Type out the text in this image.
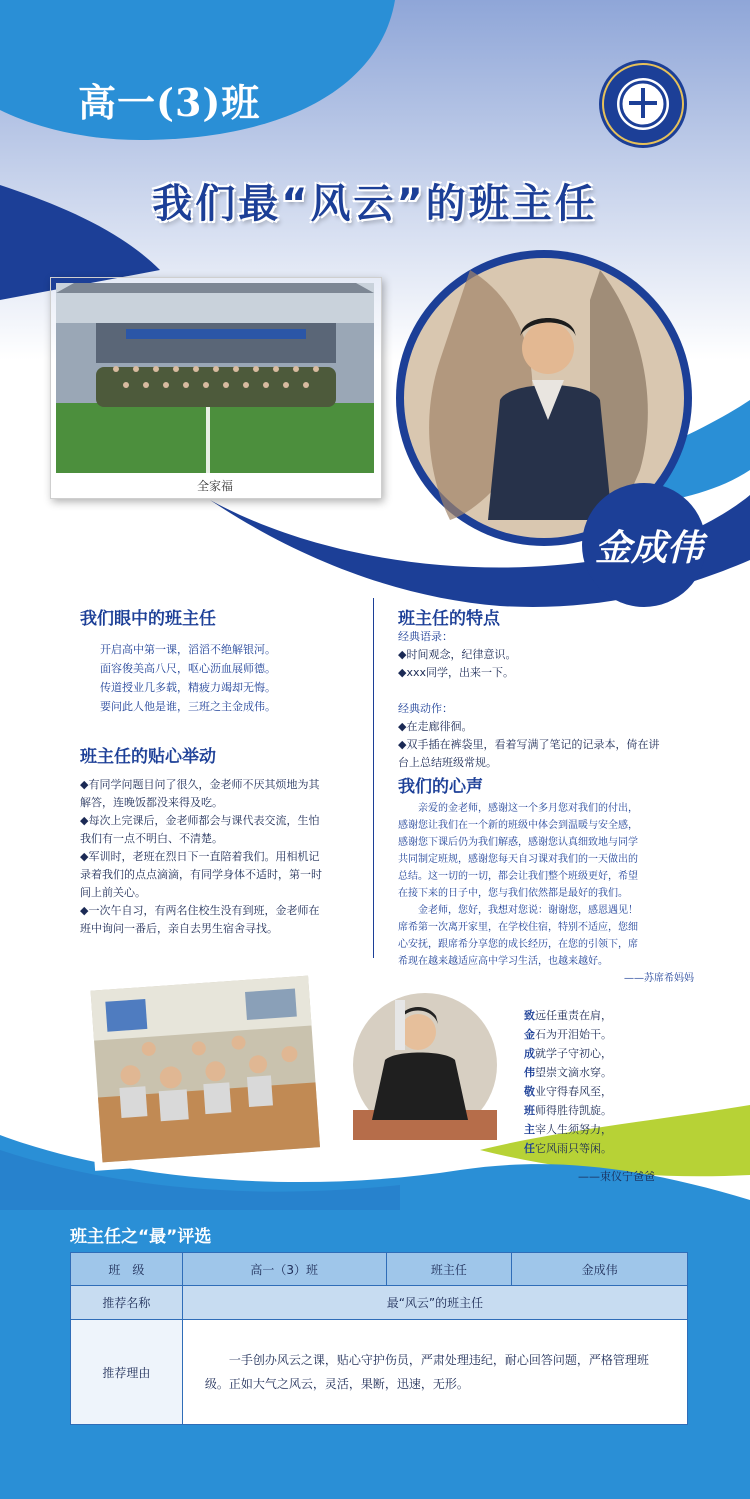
高一(3)班
我们最“风云”的班主任
全家福
金成伟
我们眼中的班主任
开启高中第一课，滔滔不绝解银河。
面容俊美高八尺，呕心沥血展师德。
传道授业几多载，精疲力竭却无悔。
要问此人他是谁，三班之主金成伟。
班主任的贴心举动
◆有同学问题目问了很久，金老师不厌其烦地为其
解答，连晚饭都没来得及吃。
◆每次上完课后，金老师都会与课代表交流，生怕
我们有一点不明白、不清楚。
◆军训时，老班在烈日下一直陪着我们。用相机记
录着我们的点点滴滴，有同学身体不适时，第一时
间上前关心。
◆一次午自习，有两名住校生没有到班，金老师在
班中询问一番后，亲自去男生宿舍寻找。
班主任的特点
经典语录：
◆时间观念，纪律意识。
◆xxx同学，出来一下。
经典动作：
◆在走廊徘徊。
◆双手插在裤袋里，看着写满了笔记的记录本，倚在讲
台上总结班级常规。
我们的心声
　　亲爱的金老师，感谢这一个多月您对我们的付出，
感谢您让我们在一个新的班级中体会到温暖与安全感，
感谢您下课后仍为我们解惑，感谢您认真细致地与同学
共同制定班规，感谢您每天自习课对我们的一天做出的
总结。这一切的一切，都会让我们整个班级更好，希望
在接下来的日子中，您与我们依然都是最好的我们。
　　金老师，您好，我想对您说：谢谢您，感恩遇见！
席希第一次离开家里，在学校住宿，特别不适应，您细
心安抚，跟席希分享您的成长经历，在您的引领下，席
希现在越来越适应高中学习生活，也越来越好。
——苏席希妈妈
致远任重责在肩，
金石为开泪始干。
成就学子守初心，
伟望崇文滴水穿。
敬业守得春风至，
班师得胜待凯旋。
主宰人生须努力，
任它风雨只等闲。
——束仪宁爸爸
班主任之“最”评选
班　级	高一（3）班	班主任	金成伟
推荐名称	最“风云”的班主任		
推荐理由	　　一手创办风云之课，贴心守护伤员，严肃处理违纪，耐心回答问题，严格管理班级。正如大气之风云，灵活，果断，迅速，无形。		
